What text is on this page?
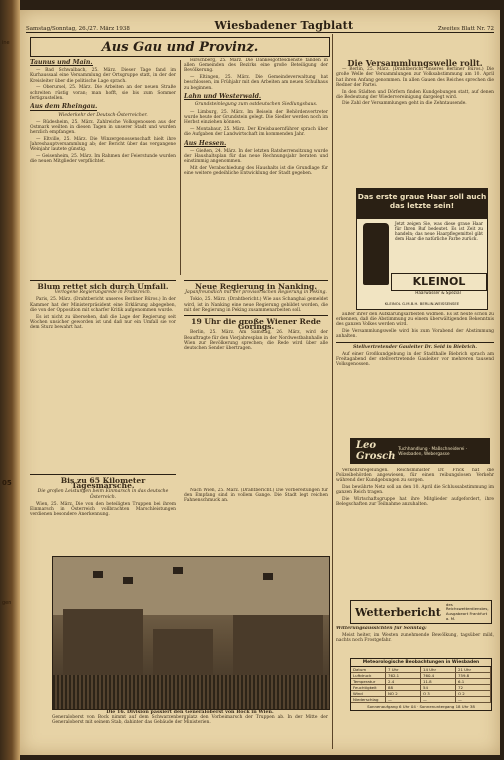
ine
05
gen
Samstag/Sonntag, 26./27. März 1938	Wiesbadener Tagblatt	Zweites Blatt Nr. 72
Aus Gau und Provinz.
Taunus und Main.

— Bad Schwalbach, 25. März. Dieser Tage fand im Kurhaussaal eine Versammlung der Ortsgruppe statt, in der der Kreisleiter über die politische Lage sprach.

— Oberursel, 25. März. Die Arbeiten an der neuen Straße schreiten rüstig voran; man hofft, sie bis zum Sommer fertigzustellen.

Aus dem Rheingau.
Wiederkehr der Deutsch-Österreicher.

— Rüdesheim, 25. März. Zahlreiche Volksgenossen aus der Ostmark weilten in diesen Tagen in unserer Stadt und wurden herzlich empfangen.

— Eltville, 25. März. Die Winzergenossenschaft hielt ihre Jahreshauptversammlung ab; der Bericht über das vergangene Weinjahr lautete günstig.

— Geisenheim, 25. März. Im Rahmen der Feierstunde wurden die neuen Mitglieder verpflichtet.

Hirschberg, 25. März. Die Dankesgottesdienste fanden in allen Gemeinden des Bezirks eine große Beteiligung der Bevölkerung.

— Eltingen, 25. März. Die Gemeindeverwaltung hat beschlossen, im Frühjahr mit den Arbeiten am neuen Schulhaus zu beginnen.

Lahn und Westerwald.
Grundsteinlegung zum ostdeutschen Siedlungshaus.

— Limburg, 25. März. Im Beisein der Behördenvertreter wurde heute der Grundstein gelegt. Die Siedler werden noch im Herbst einziehen können.

— Montabaur, 25. März. Der Kreisbauernführer sprach über die Aufgaben der Landwirtschaft im kommenden Jahr.

Aus Hessen.

— Gießen, 24. März. In der letzten Ratsherrensitzung wurde der Haushaltsplan für das neue Rechnungsjahr beraten und einstimmig angenommen.

Mit der Verabschiedung des Haushalts ist die Grundlage für eine weitere gedeihliche Entwicklung der Stadt gegeben.

Blum rettet sich durch Umfall.
Verlogene Regierungsrede in Frankreich.

Paris, 25. März. (Drahtbericht unseres Berliner Büros.) In der Kammer hat der Ministerpräsident eine Erklärung abgegeben, die von der Opposition mit scharfer Kritik aufgenommen wurde.

Es ist nicht zu übersehen, daß die Lage der Regierung seit Wochen unsicher geworden ist und daß nur ein Umfall sie vor dem Sturz bewahrt hat.

Neue Regierung in Nanking.
Japanfreundlich mit der provisorischen Regierung in Peking.

Tokio, 25. März. (Drahtbericht.) Wie aus Schanghai gemeldet wird, ist in Nanking eine neue Regierung gebildet worden, die mit der Regierung in Peking zusammenarbeiten soll.

19 Uhr die große Wiener Rede Görings.

Berlin, 25. März. Am Samstag, 26. März, wird der Beauftragte für den Vierjahresplan in der Nordwestbahnhalle in Wien zur Bevölkerung sprechen; die Rede wird über alle deutschen Sender übertragen.

Bis zu 65 Kilometer Tagesmärsche.
Die großen Leistungen beim Einmarsch in das deutsche Österreich.

Wien, 25. März. Die von den beteiligten Truppen bei ihrem Einmarsch in Österreich vollbrachten Marschleistungen verdienen besondere Anerkennung.

Nach Wien, 25. März. (Drahtbericht.) Die Vorbereitungen für den Empfang sind in vollem Gange. Die Stadt legt reichen Fahnenschmuck an.

Die 16. Division passiert den Generaloberst von Bock in Wien.
Generaloberst von Bock nimmt auf dem Schwarzenbergplatz den Vorbeimarsch der Truppen ab. In der Mitte der Generaloberst mit seinem Stab, dahinter das Gebäude der Ministerien.
Die Versammlungswelle rollt.

— Berlin, 25. März. (Drahtbericht unseres Berliner Büros.) Die große Welle der Versammlungen zur Volksabstimmung am 10. April hat ihren Anfang genommen. In allen Gauen des Reiches sprechen die Redner der Partei.

In den Städten und Dörfern finden Kundgebungen statt, auf denen die Bedeutung der Wiedervereinigung dargelegt wird.

Die Zahl der Versammlungen geht in die Zehntausende.

Das erste graue Haar soll auch das letzte sein!
Jetzt zeigen Sie, was diese graue Haar für Ihren Ruf bedeutet. Es ist Zeit zu handeln; das neue Haarpflegemittel gibt dem Haar die natürliche Farbe zurück.
KLEINOL
Haarwasser & Spezial
KLEINOL G.M.B.H. BERLIN-WEISSENSEE

außer ihrer den Aufklärungsarbeiten widmen. Es ist heute schon zu erkennen, daß die Abstimmung zu einem überwältigenden Bekenntnis des ganzen Volkes werden wird.

Die Versammlungswelle wird bis zum Vorabend der Abstimmung anhalten.

Stellvertretender Gauleiter Dr. Seid in Biebrich.

Auf einer Großkundgebung in der Stadthalle Biebrich sprach am Freitagabend der stellvertretende Gauleiter vor mehreren tausend Volksgenossen.

Leo Grosch
Tuchhandlung · Maßschneiderei · Wiesbaden, Webergasse

Verkehrsregelungen. Reichsminister Dr. Frick hat die Polizeibehörden angewiesen, für einen reibungslosen Verkehr während der Kundgebungen zu sorgen.

Das bewährte Netz soll an den 10. April die Schlussabstimmung im ganzen Reich tragen.

Die Wirtschaftsgruppe hat ihre Mitglieder aufgefordert, ihre Belegschaften zur Teilnahme anzuhalten.

Wetterbericht
des Reichswetterdienstes, Ausgabeort Frankfurt a. M.
Witterungsaussichten für Sonntag:

Meist heiter, im Westen zunehmende Bewölkung, tagsüber mild, nachts noch Frostgefahr.

Meteorologische Beobachtungen in Wiesbaden
Datum	7 Uhr	14 Uhr	21 Uhr
Luftdruck	762.1	760.4	759.8
Temperatur	2.4	11.8	6.1
Feuchtigkeit	88	54	72
Wind	NO 2	O 3	O 2
Niederschlag	—	—	—
Sonnenaufgang 6 Uhr 04 · Sonnenuntergang 18 Uhr 38
